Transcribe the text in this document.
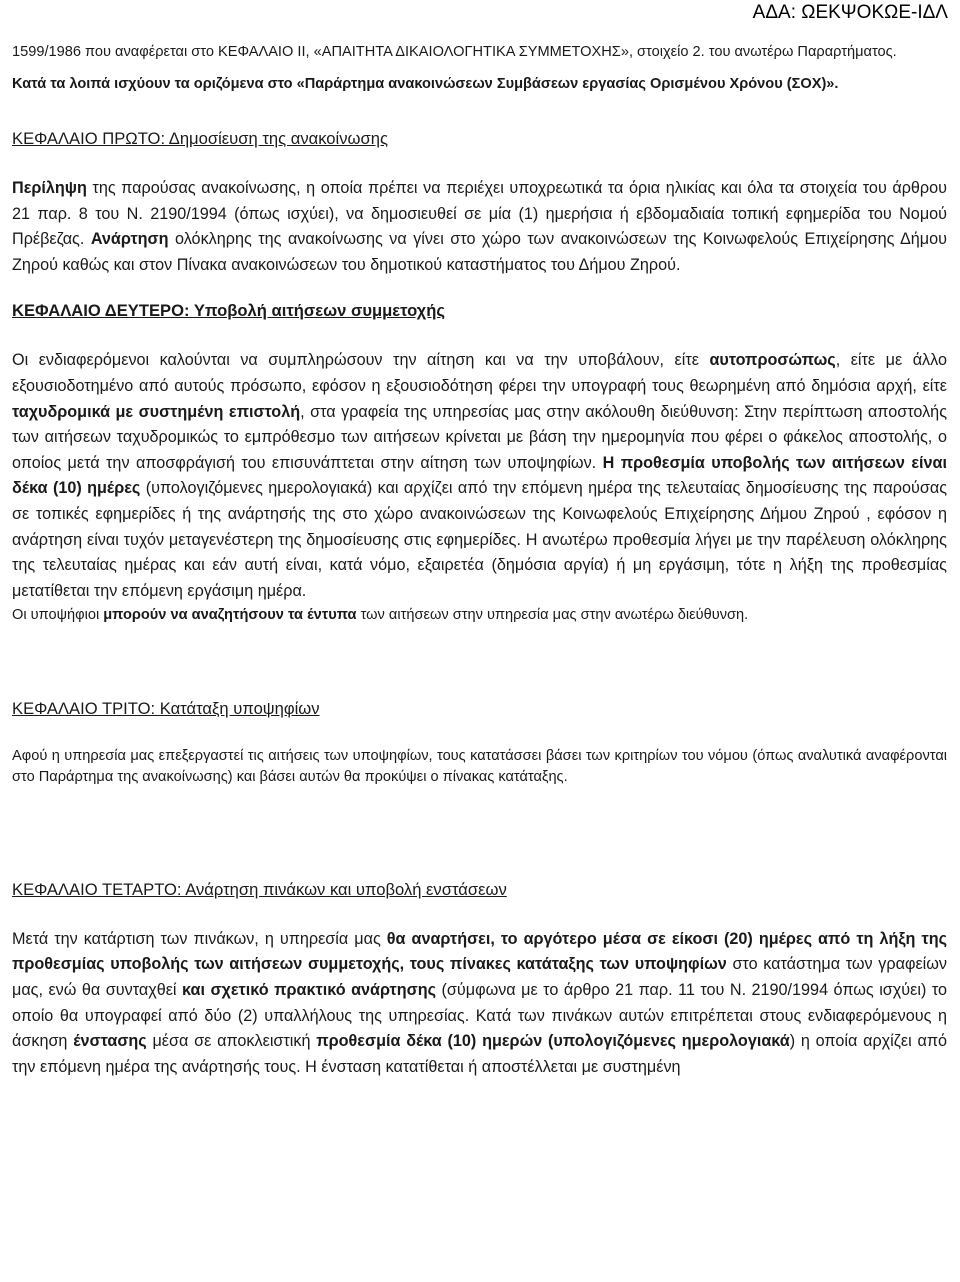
ΑΔΑ: ΩΕΚΨΟΚΩΕ-ΙΔΛ

1599/1986 που αναφέρεται στο ΚΕΦΑΛΑΙΟ ΙΙ, «ΑΠΑΙΤΗΤΑ ΔΙΚΑΙΟΛΟΓΗΤΙΚΑ ΣΥΜΜΕΤΟΧΗΣ», στοιχείο 2. του ανωτέρω Παραρτήματος.

Κατά τα λοιπά ισχύουν τα οριζόμενα στο «Παράρτημα ανακοινώσεων Συμβάσεων εργασίας Ορισμένου Χρόνου (ΣΟΧ)».

ΚΕΦΑΛΑΙΟ ΠΡΩΤΟ: Δημοσίευση της ανακοίνωσης

Περίληψη της παρούσας ανακοίνωσης, η οποία πρέπει να περιέχει υποχρεωτικά τα όρια ηλικίας και όλα τα στοιχεία του άρθρου 21 παρ. 8 του Ν. 2190/1994 (όπως ισχύει), να δημοσιευθεί σε μία (1) ημερήσια ή εβδομαδιαία τοπική εφημερίδα του Νομού Πρέβεζας. Ανάρτηση ολόκληρης της ανακοίνωσης να γίνει στο χώρο των ανακοινώσεων της Κοινωφελούς Επιχείρησης Δήμου Ζηρού καθώς και στον Πίνακα ανακοινώσεων του δημοτικού καταστήματος του Δήμου Ζηρού.

ΚΕΦΑΛΑΙΟ ΔΕΥΤΕΡΟ: Υποβολή αιτήσεων συμμετοχής

Οι ενδιαφερόμενοι καλούνται να συμπληρώσουν την αίτηση και να την υποβάλουν, είτε αυτοπροσώπως, είτε με άλλο εξουσιοδοτημένο από αυτούς πρόσωπο, εφόσον η εξουσιοδότηση φέρει την υπογραφή τους θεωρημένη από δημόσια αρχή, είτε ταχυδρομικά με συστημένη επιστολή, στα γραφεία της υπηρεσίας μας στην ακόλουθη διεύθυνση: Στην περίπτωση αποστολής των αιτήσεων ταχυδρομικώς το εμπρόθεσμο των αιτήσεων κρίνεται με βάση την ημερομηνία που φέρει ο φάκελος αποστολής, ο οποίος μετά την αποσφράγισή του επισυνάπτεται στην αίτηση των υποψηφίων. Η προθεσμία υποβολής των αιτήσεων είναι δέκα (10) ημέρες (υπολογιζόμενες ημερολογιακά) και αρχίζει από την επόμενη ημέρα της τελευταίας δημοσίευσης της παρούσας σε τοπικές εφημερίδες ή της ανάρτησής της στο χώρο ανακοινώσεων της Κοινωφελούς Επιχείρησης Δήμου Ζηρού , εφόσον η ανάρτηση είναι τυχόν μεταγενέστερη της δημοσίευσης στις εφημερίδες. Η ανωτέρω προθεσμία λήγει με την παρέλευση ολόκληρης της τελευταίας ημέρας και εάν αυτή είναι, κατά νόμο, εξαιρετέα (δημόσια αργία) ή μη εργάσιμη, τότε η λήξη της προθεσμίας μετατίθεται την επόμενη εργάσιμη ημέρα.

Οι υποψήφιοι μπορούν να αναζητήσουν τα έντυπα των αιτήσεων στην υπηρεσία μας στην ανωτέρω διεύθυνση.

ΚΕΦΑΛΑΙΟ ΤΡΙΤΟ: Κατάταξη υποψηφίων

Αφού η υπηρεσία μας επεξεργαστεί τις αιτήσεις των υποψηφίων, τους κατατάσσει βάσει των κριτηρίων του νόμου (όπως αναλυτικά αναφέρονται στο Παράρτημα της ανακοίνωσης) και βάσει αυτών θα προκύψει ο πίνακας κατάταξης.

ΚΕΦΑΛΑΙΟ ΤΕΤΑΡΤΟ: Ανάρτηση πινάκων και υποβολή ενστάσεων

Μετά την κατάρτιση των πινάκων, η υπηρεσία μας θα αναρτήσει, το αργότερο μέσα σε είκοσι (20) ημέρες από τη λήξη της προθεσμίας υποβολής των αιτήσεων συμμετοχής, τους πίνακες κατάταξης των υποψηφίων στο κατάστημα των γραφείων μας, ενώ θα συνταχθεί και σχετικό πρακτικό ανάρτησης (σύμφωνα με το άρθρο 21 παρ. 11 του Ν. 2190/1994 όπως ισχύει) το οποίο θα υπογραφεί από δύο (2) υπαλλήλους της υπηρεσίας. Κατά των πινάκων αυτών επιτρέπεται στους ενδιαφερόμενους η άσκηση ένστασης μέσα σε αποκλειστική προθεσμία δέκα (10) ημερών (υπολογιζόμενες ημερολογιακά) η οποία αρχίζει από την επόμενη ημέρα της ανάρτησής τους. Η ένσταση κατατίθεται ή αποστέλλεται με συστημένη
